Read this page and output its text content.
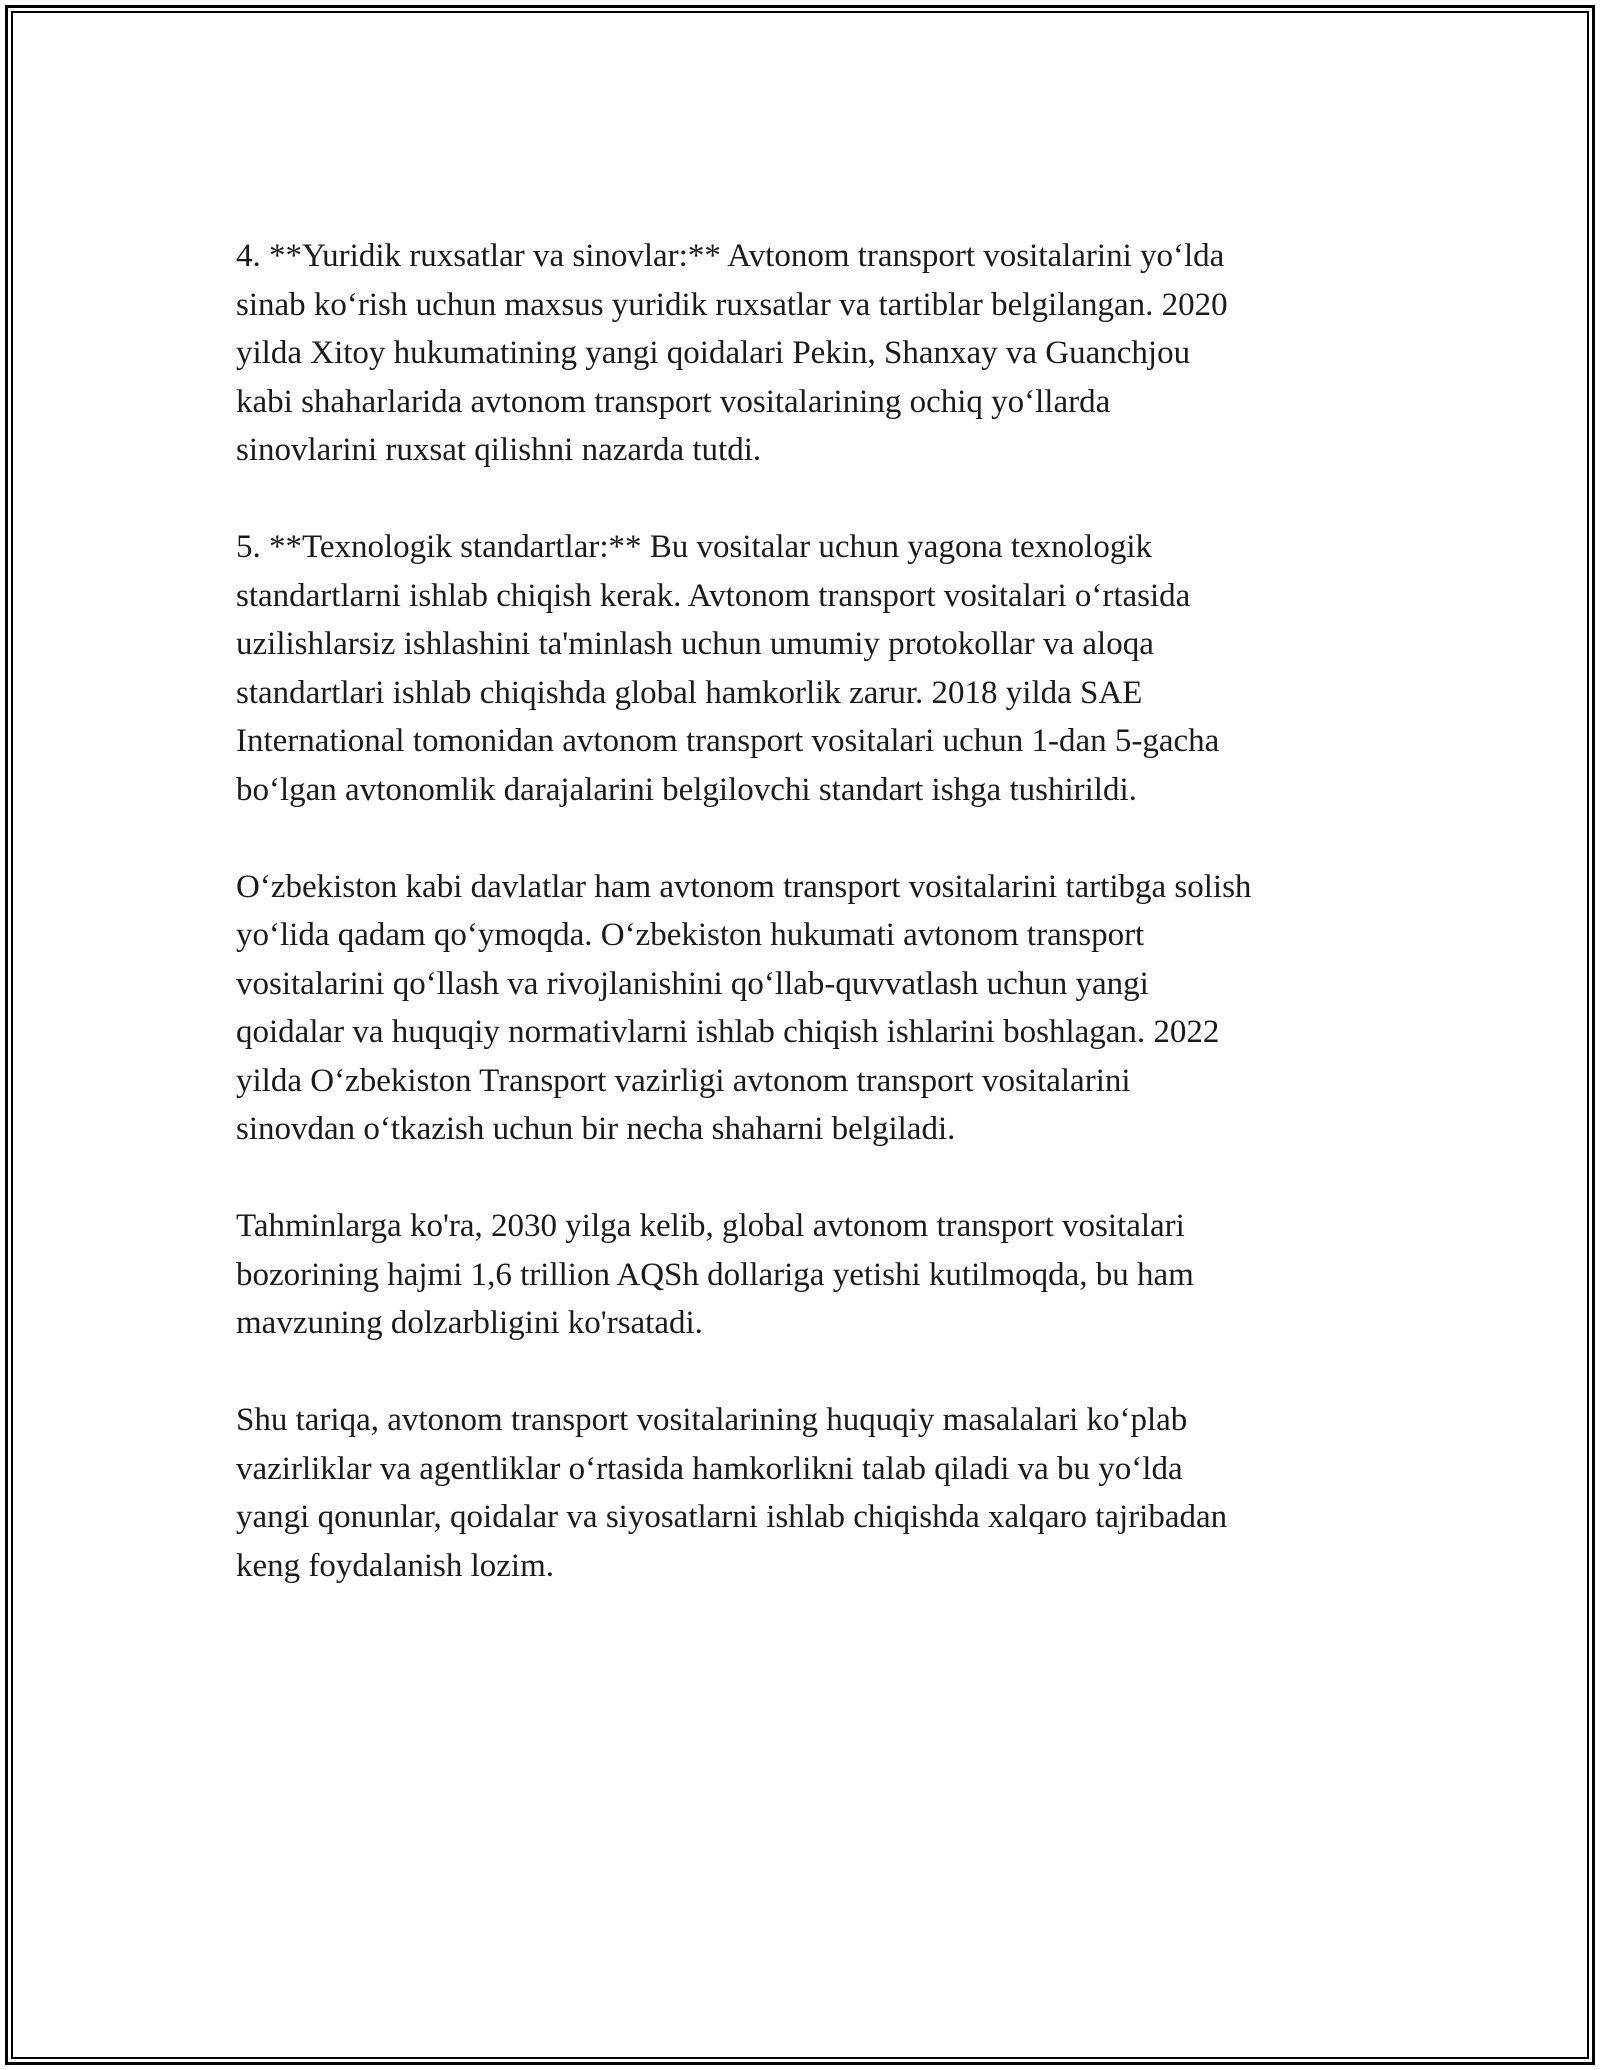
4. **Yuridik ruxsatlar va sinovlar:** Avtonom transport vositalarini yo‘lda
sinab ko‘rish uchun maxsus yuridik ruxsatlar va tartiblar belgilangan. 2020
yilda Xitoy hukumatining yangi qoidalari Pekin, Shanxay va Guanchjou
kabi shaharlarida avtonom transport vositalarining ochiq yo‘llarda
sinovlarini ruxsat qilishni nazarda tutdi.

5. **Texnologik standartlar:** Bu vositalar uchun yagona texnologik
standartlarni ishlab chiqish kerak. Avtonom transport vositalari o‘rtasida
uzilishlarsiz ishlashini ta'minlash uchun umumiy protokollar va aloqa
standartlari ishlab chiqishda global hamkorlik zarur. 2018 yilda SAE
International tomonidan avtonom transport vositalari uchun 1-dan 5-gacha
bo‘lgan avtonomlik darajalarini belgilovchi standart ishga tushirildi.

O‘zbekiston kabi davlatlar ham avtonom transport vositalarini tartibga solish
yo‘lida qadam qo‘ymoqda. O‘zbekiston hukumati avtonom transport
vositalarini qo‘llash va rivojlanishini qo‘llab-quvvatlash uchun yangi
qoidalar va huquqiy normativlarni ishlab chiqish ishlarini boshlagan. 2022
yilda O‘zbekiston Transport vazirligi avtonom transport vositalarini
sinovdan o‘tkazish uchun bir necha shaharni belgiladi.

Tahminlarga ko'ra, 2030 yilga kelib, global avtonom transport vositalari
bozorining hajmi 1,6 trillion AQSh dollariga yetishi kutilmoqda, bu ham
mavzuning dolzarbligini ko'rsatadi.

Shu tariqa, avtonom transport vositalarining huquqiy masalalari ko‘plab
vazirliklar va agentliklar o‘rtasida hamkorlikni talab qiladi va bu yo‘lda
yangi qonunlar, qoidalar va siyosatlarni ishlab chiqishda xalqaro tajribadan
keng foydalanish lozim.
